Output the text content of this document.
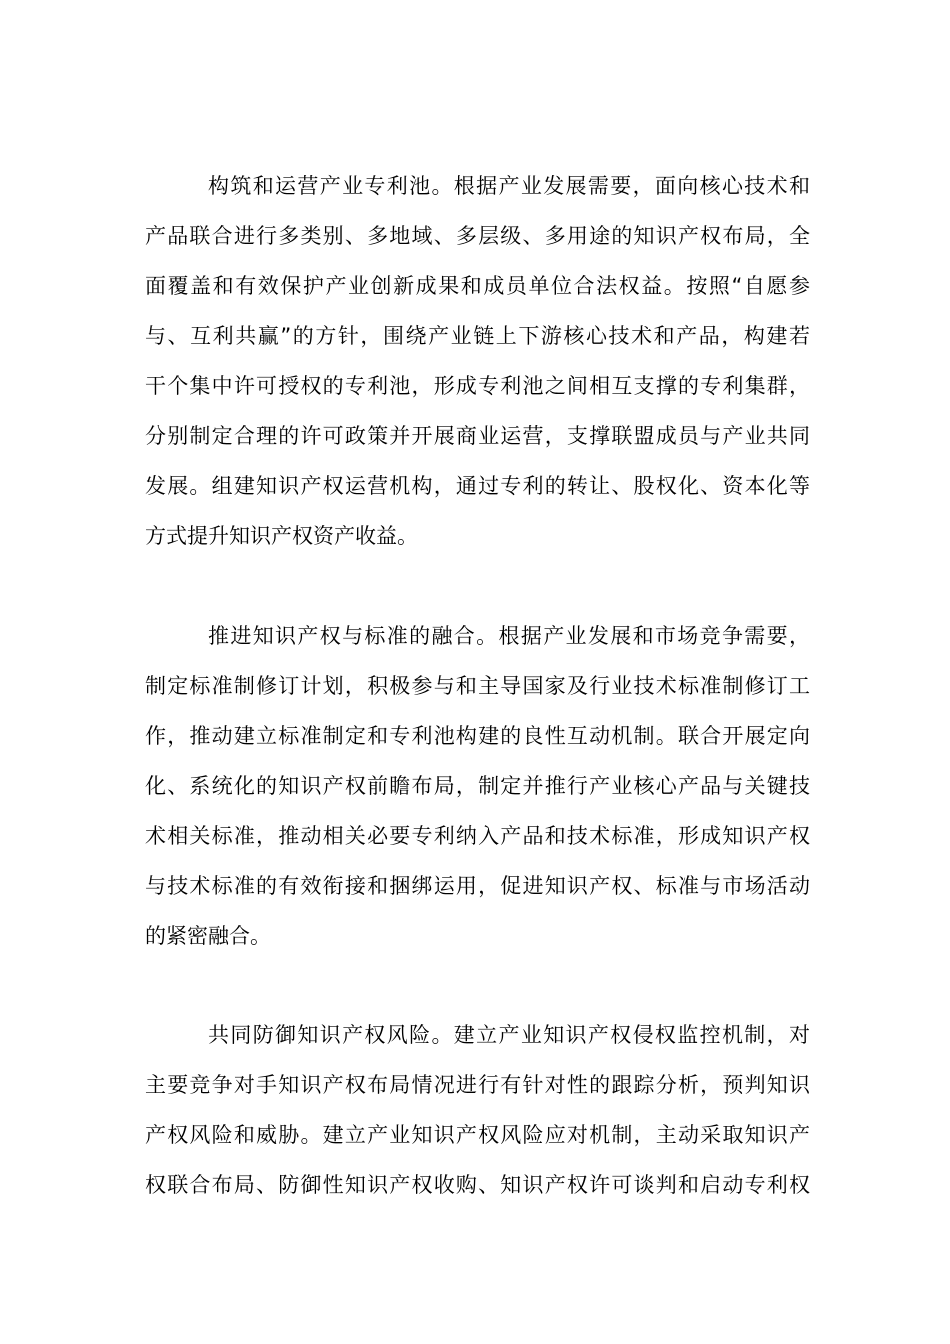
构筑和运营产业专利池。根据产业发展需要，面向核心技术和
产品联合进行多类别、多地域、多层级、多用途的知识产权布局，全
面覆盖和有效保护产业创新成果和成员单位合法权益。按照“自愿参
与、互利共赢”的方针，围绕产业链上下游核心技术和产品，构建若
干个集中许可授权的专利池，形成专利池之间相互支撑的专利集群，
分别制定合理的许可政策并开展商业运营，支撑联盟成员与产业共同
发展。组建知识产权运营机构，通过专利的转让、股权化、资本化等
方式提升知识产权资产收益。
推进知识产权与标准的融合。根据产业发展和市场竞争需要，
制定标准制修订计划，积极参与和主导国家及行业技术标准制修订工
作，推动建立标准制定和专利池构建的良性互动机制。联合开展定向
化、系统化的知识产权前瞻布局，制定并推行产业核心产品与关键技
术相关标准，推动相关必要专利纳入产品和技术标准，形成知识产权
与技术标准的有效衔接和捆绑运用，促进知识产权、标准与市场活动
的紧密融合。
共同防御知识产权风险。建立产业知识产权侵权监控机制，对
主要竞争对手知识产权布局情况进行有针对性的跟踪分析，预判知识
产权风险和威胁。建立产业知识产权风险应对机制，主动采取知识产
权联合布局、防御性知识产权收购、知识产权许可谈判和启动专利权
